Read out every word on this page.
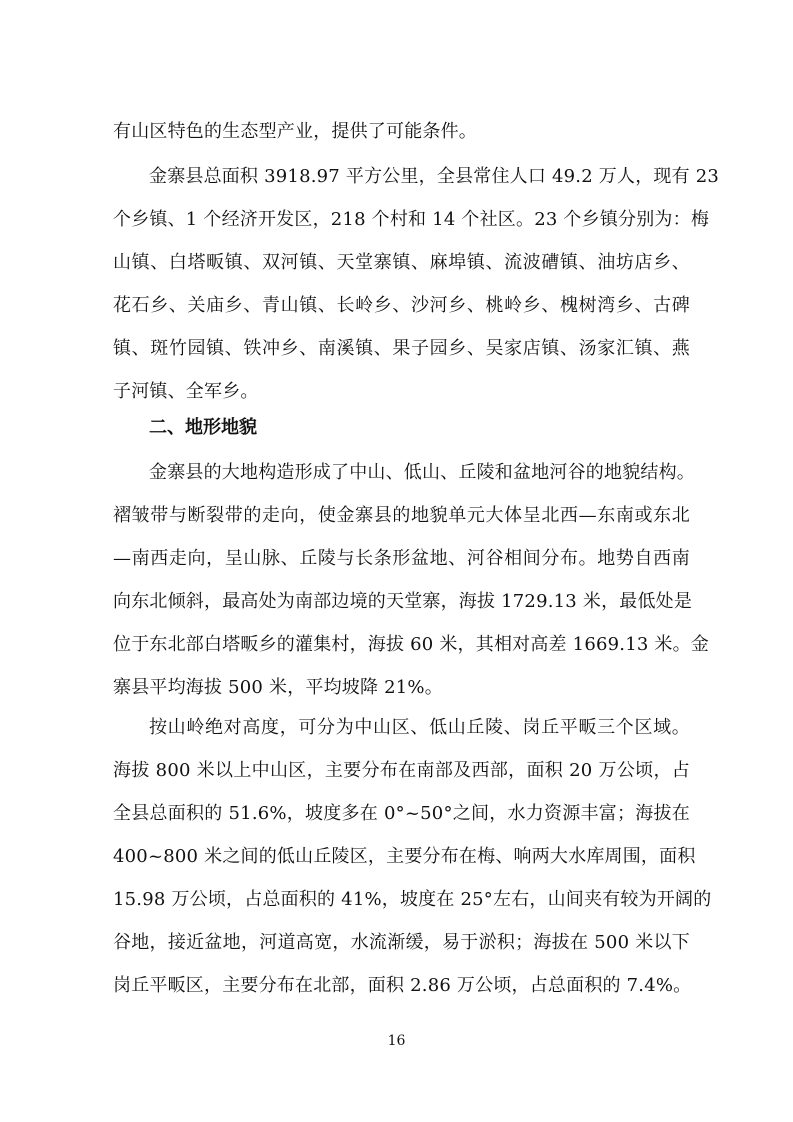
有山区特色的生态型产业，提供了可能条件。
金寨县总面积 3918.97 平方公里，全县常住人口 49.2 万人，现有 23
个乡镇、1 个经济开发区，218 个村和 14 个社区。23 个乡镇分别为：梅
山镇、白塔畈镇、双河镇、天堂寨镇、麻埠镇、流波𥕢镇、油坊店乡、
花石乡、关庙乡、青山镇、长岭乡、沙河乡、桃岭乡、槐树湾乡、古碑
镇、斑竹园镇、铁冲乡、南溪镇、果子园乡、吴家店镇、汤家汇镇、燕
子河镇、全军乡。
二、地形地貌
金寨县的大地构造形成了中山、低山、丘陵和盆地河谷的地貌结构。
褶皱带与断裂带的走向，使金寨县的地貌单元大体呈北西—东南或东北
—南西走向，呈山脉、丘陵与长条形盆地、河谷相间分布。地势自西南
向东北倾斜，最高处为南部边境的天堂寨，海拔 1729.13 米，最低处是
位于东北部白塔畈乡的灌集村，海拔 60 米，其相对高差 1669.13 米。金
寨县平均海拔 500 米，平均坡降 21%。
按山岭绝对高度，可分为中山区、低山丘陵、岗丘平畈三个区域。
海拔 800 米以上中山区，主要分布在南部及西部，面积 20 万公顷，占
全县总面积的 51.6%，坡度多在 0°~50°之间，水力资源丰富；海拔在
400~800 米之间的低山丘陵区，主要分布在梅、响两大水库周围，面积
15.98 万公顷，占总面积的 41%，坡度在 25°左右，山间夹有较为开阔的
谷地，接近盆地，河道高宽，水流渐缓，易于淤积；海拔在 500 米以下
岗丘平畈区，主要分布在北部，面积 2.86 万公顷，占总面积的 7.4%。
16
